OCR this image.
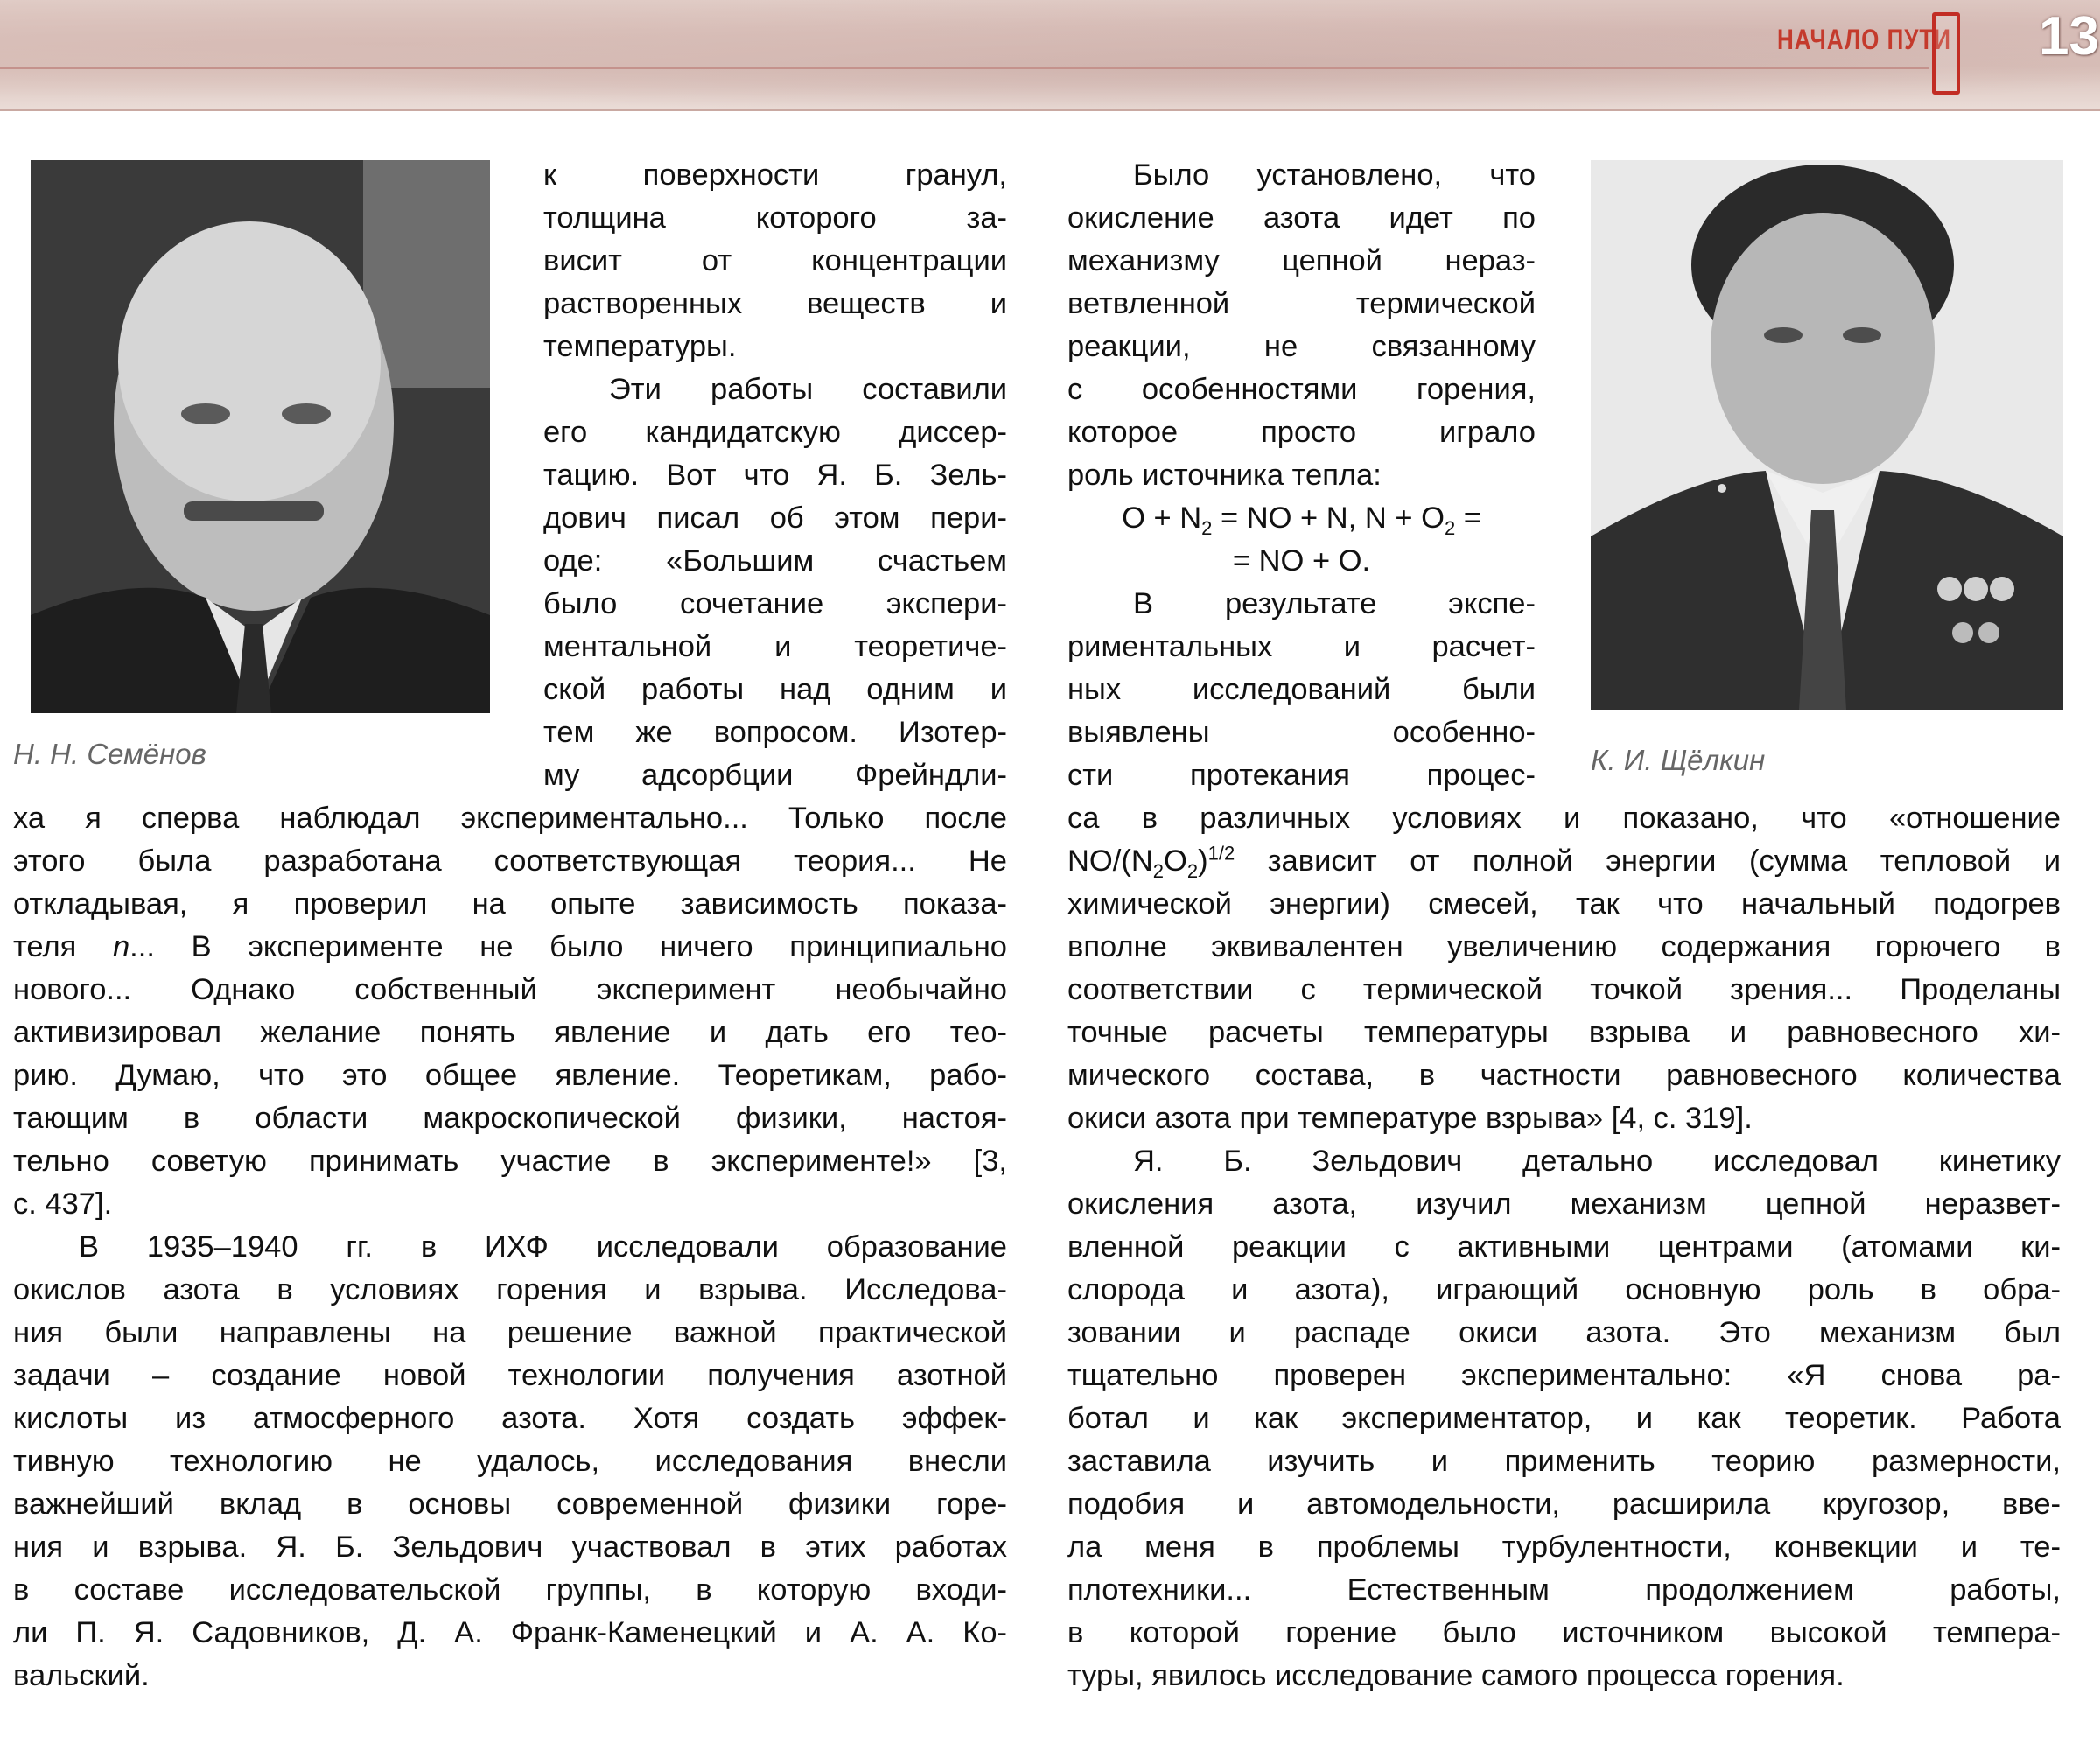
НАЧАЛО ПУТИ 13
Н. Н. Семёнов	К. И. Щёлкин
к поверхности гранул,
толщина которого за-
висит от концентрации
растворенных веществ и
температуры.
Эти работы составили
его кандидатскую диссер-
тацию. Вот что Я. Б. Зель-
дович писал об этом пери-
оде: «Большим счастьем
было сочетание экспери-
ментальной и теоретиче-
ской работы над одним и
тем же вопросом. Изотер-
му адсорбции Фрейндли-
ха я сперва наблюдал экспериментально... Только после
этого была разработана соответствующая теория... Не
откладывая, я проверил на опыте зависимость показа-
теля n... В эксперименте не было ничего принципиально
нового... Однако собственный эксперимент необычайно
активизировал желание понять явление и дать его тео-
рию. Думаю, что это общее явление. Теоретикам, рабо-
тающим в области макроскопической физики, настоя-
тельно советую принимать участие в эксперименте!» [3,
с. 437].
В 1935–1940 гг. в ИХФ исследовали образование
окислов азота в условиях горения и взрыва. Исследова-
ния были направлены на решение важной практической
задачи – создание новой технологии получения азотной
кислоты из атмосферного азота. Хотя создать эффек-
тивную технологию не удалось, исследования внесли
важнейший вклад в основы современной физики горе-
ния и взрыва. Я. Б. Зельдович участвовал в этих работах
в составе исследовательской группы, в которую входи-
ли П. Я. Садовников, Д. А. Франк-Каменецкий и А. А. Ко-
вальский.
Было установлено, что
окисление азота идет по
механизму цепной нераз-
ветвленной термической
реакции, не связанному
с особенностями горения,
которое просто играло
роль источника тепла:
$O + N_2$ = NO + N, $N + O_2$ =
= NO + O.
В результате экспе-
риментальных и расчет-
ных исследований были
выявлены особенно-
сти протекания процес-
са в различных условиях и показано, что «отношение
$NO/(N_2O_2)^{1/2}$ зависит от полной энергии (сумма тепловой и
химической энергии) смесей, так что начальный подогрев
вполне эквивалентен увеличению содержания горючего в
соответствии с термической точкой зрения... Проделаны
точные расчеты температуры взрыва и равновесного хи-
мического состава, в частности равновесного количества
окиси азота при температуре взрыва» [4, с. 319].
Я. Б. Зельдович детально исследовал кинетику
окисления азота, изучил механизм цепной неразвет-
вленной реакции с активными центрами (атомами ки-
слорода и азота), играющий основную роль в обра-
зовании и распаде окиси азота. Это механизм был
тщательно проверен экспериментально: «Я снова ра-
ботал и как экспериментатор, и как теоретик. Работа
заставила изучить и применить теорию размерности,
подобия и автомодельности, расширила кругозор, вве-
ла меня в проблемы турбулентности, конвекции и те-
плотехники... Естественным продолжением работы,
в которой горение было источником высокой темпера-
туры, явилось исследование самого процесса горения.
